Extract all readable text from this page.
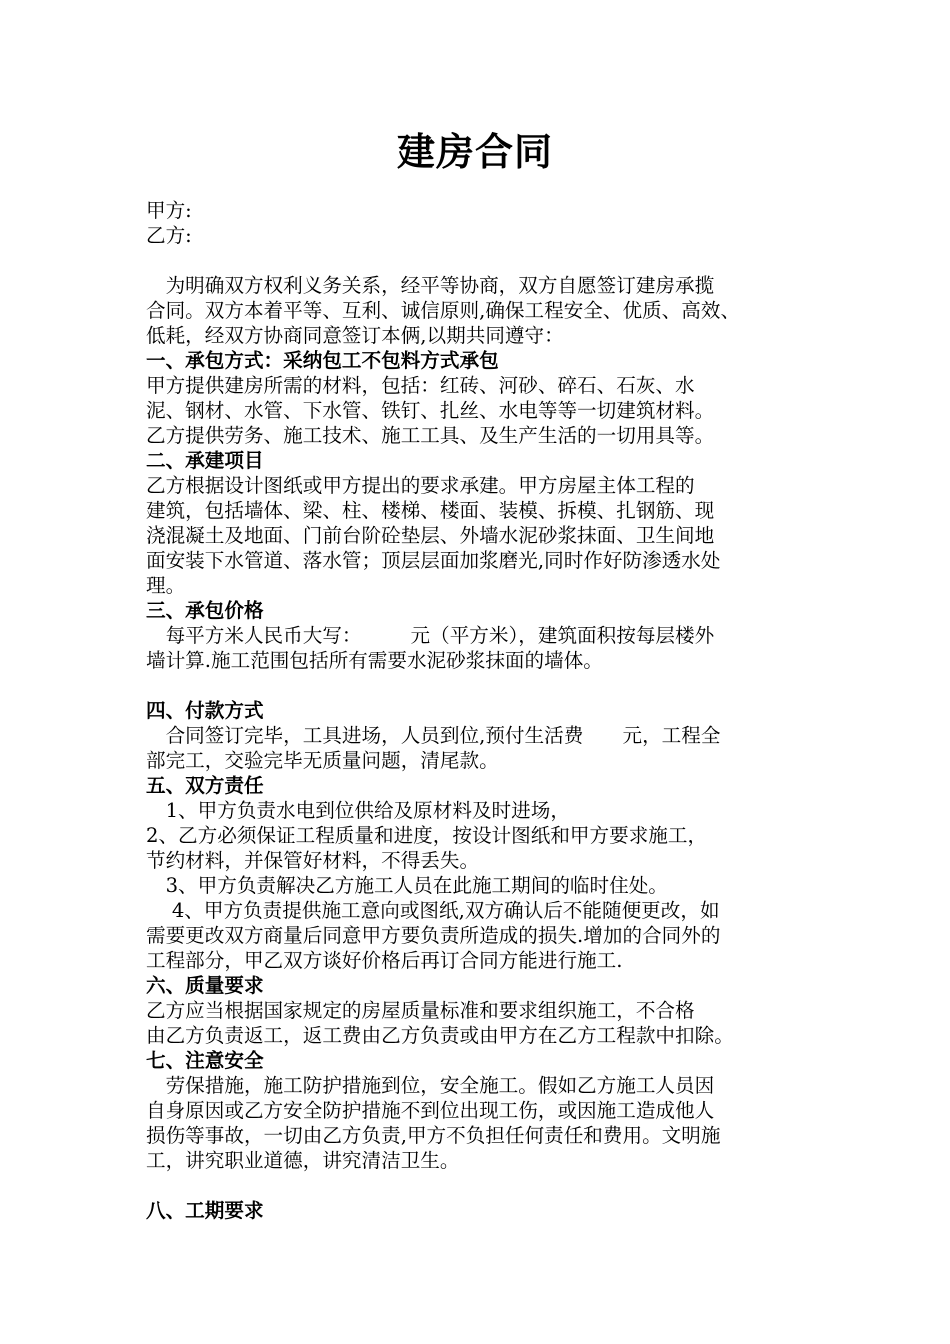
建房合同
甲方:
乙方:
　为明确双方权利义务关系，经平等协商，双方自愿签订建房承揽
合同。双方本着平等、互利、诚信原则,确保工程安全、优质、高效、
低耗，经双方协商同意签订本俩,以期共同遵守：
一、承包方式：采纳包工不包料方式承包
甲方提供建房所需的材料，包括：红砖、河砂、碎石、石灰、水
泥、钢材、水管、下水管、铁钉、扎丝、水电等等一切建筑材料。
乙方提供劳务、施工技术、施工工具、及生产生活的一切用具等。
二、承建项目
乙方根据设计图纸或甲方提出的要求承建。甲方房屋主体工程的
建筑，包括墙体、梁、柱、楼梯、楼面、装模、拆模、扎钢筋、现
浇混凝土及地面、门前台阶砼垫层、外墙水泥砂浆抹面、卫生间地
面安装下水管道、落水管；顶层层面加浆磨光,同时作好防渗透水处
理。
三、承包价格
　每平方米人民币大写：　　　元（平方米），建筑面积按每层楼外
墙计算.施工范围包括所有需要水泥砂浆抹面的墙体。
四、付款方式
　合同签订完毕，工具进场，人员到位,预付生活费　　元，工程全
部完工，交验完毕无质量问题，清尾款。
五、双方责任
　1、甲方负责水电到位供给及原材料及时进场，
2、乙方必须保证工程质量和进度，按设计图纸和甲方要求施工，
节约材料，并保管好材料，不得丢失。
　3、甲方负责解决乙方施工人员在此施工期间的临时住处。
　 4、甲方负责提供施工意向或图纸,双方确认后不能随便更改，如
需要更改双方商量后同意甲方要负责所造成的损失.增加的合同外的
工程部分，甲乙双方谈好价格后再订合同方能进行施工.
六、质量要求
乙方应当根据国家规定的房屋质量标准和要求组织施工，不合格
由乙方负责返工，返工费由乙方负责或由甲方在乙方工程款中扣除。
七、注意安全
　劳保措施，施工防护措施到位，安全施工。假如乙方施工人员因
自身原因或乙方安全防护措施不到位出现工伤，或因施工造成他人
损伤等事故，一切由乙方负责,甲方不负担任何责任和费用。文明施
工，讲究职业道德，讲究清洁卫生。
八、工期要求
